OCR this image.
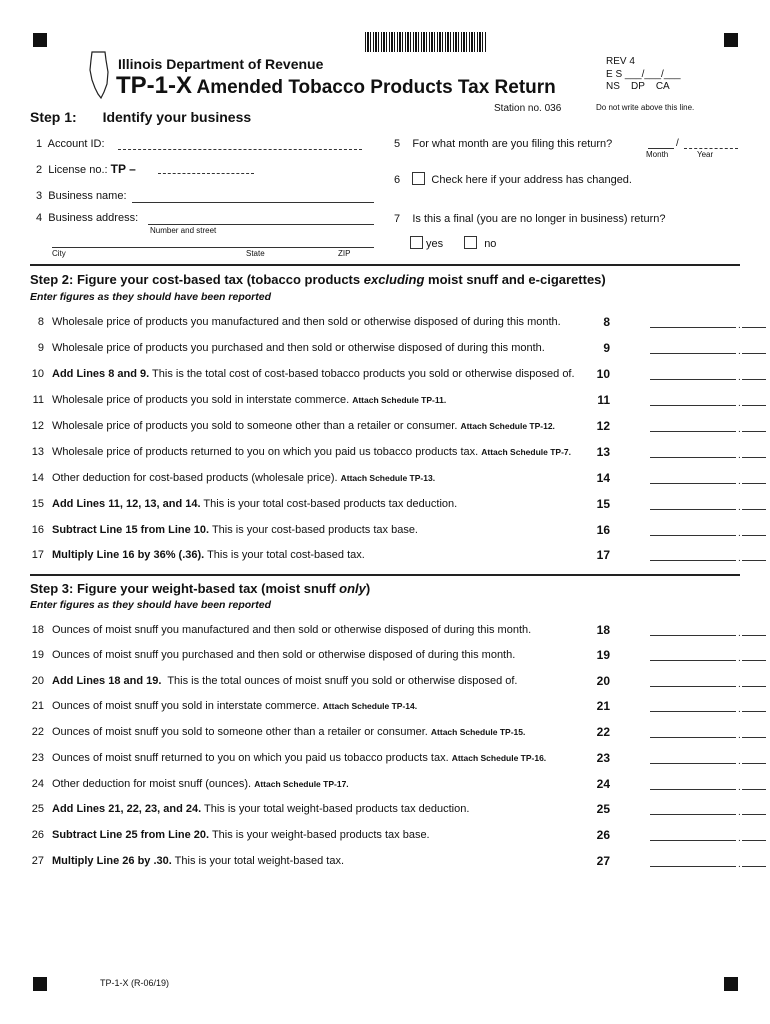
Illinois Department of Revenue
TP-1-X Amended Tobacco Products Tax Return
REV 4
E S ___/___/___
NS    DP    CA
Station no. 036	Do not write above this line.
Step 1: Identify your business
1 Account ID:
2 License no.: TP –
3 Business name:
4 Business address:
Number and street
City	State	ZIP
5 For what month are you filing this return?	/
Month	Year
6	Check here if your address has changed.
7 Is this a final (you are no longer in business) return?
yes	no
Step 2: Figure your cost-based tax (tobacco products excluding moist snuff and e-cigarettes)
Enter figures as they should have been reported
8 Wholesale price of products you manufactured and then sold or otherwise disposed of during this month.	8	.
9 Wholesale price of products you purchased and then sold or otherwise disposed of during this month.	9	.
10 Add Lines 8 and 9. This is the total cost of cost-based tobacco products you sold or otherwise disposed of. 10	.
11 Wholesale price of products you sold in interstate commerce. Attach Schedule TP-11.	11	.
12 Wholesale price of products you sold to someone other than a retailer or consumer. Attach Schedule TP-12.	12	.
13 Wholesale price of products returned to you on which you paid us tobacco products tax. Attach Schedule TP-7. 13	.
14 Other deduction for cost-based products (wholesale price). Attach Schedule TP-13.	14	.
15 Add Lines 11, 12, 13, and 14. This is your total cost-based products tax deduction.	15	.
16 Subtract Line 15 from Line 10. This is your cost-based products tax base.	16	.
17 Multiply Line 16 by 36% (.36). This is your total cost-based tax.	17	.
Step 3: Figure your weight-based tax (moist snuff only)
Enter figures as they should have been reported
18 Ounces of moist snuff you manufactured and then sold or otherwise disposed of during this month.	18	.
19 Ounces of moist snuff you purchased and then sold or otherwise disposed of during this month.	19	.
20 Add Lines 18 and 19.  This is the total ounces of moist snuff you sold or otherwise disposed of.	20	.
21 Ounces of moist snuff you sold in interstate commerce. Attach Schedule TP-14.	21	.
22 Ounces of moist snuff you sold to someone other than a retailer or consumer. Attach Schedule TP-15.	22	.
23 Ounces of moist snuff returned to you on which you paid us tobacco products tax. Attach Schedule TP-16.	23	.
24 Other deduction for moist snuff (ounces). Attach Schedule TP-17.	24	.
25 Add Lines 21, 22, 23, and 24. This is your total weight-based products tax deduction.	25	.
26 Subtract Line 25 from Line 20. This is your weight-based products tax base.	26	.
27 Multiply Line 26 by .30. This is your total weight-based tax.	27	.
TP-1-X (R-06/19)
